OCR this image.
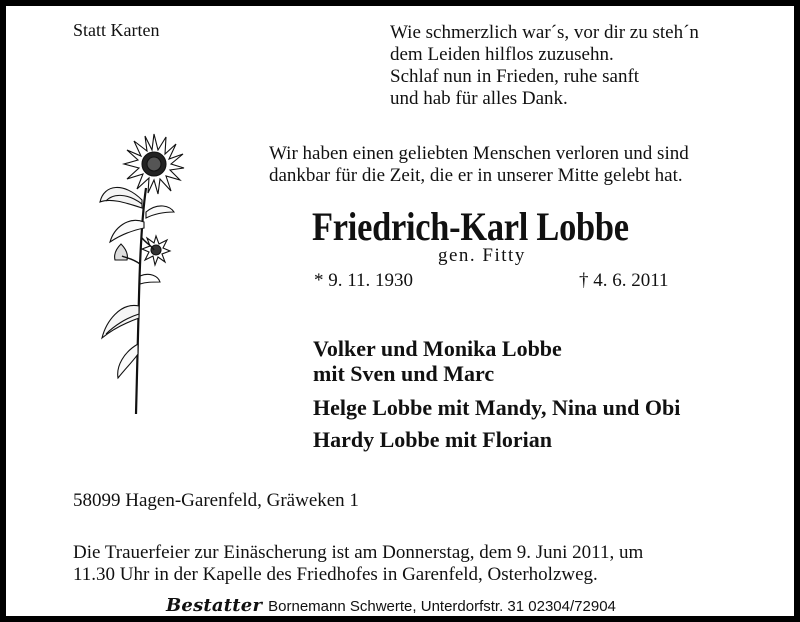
Statt Karten	Wie schmerzlich war´s, vor dir zu steh´n
dem Leiden hilflos zuzusehn.
Schlaf nun in Frieden, ruhe sanft
und hab für alles Dank.
Wir haben einen geliebten Menschen verloren und sind
dankbar für die Zeit, die er in unserer Mitte gelebt hat.
Friedrich-Karl Lobbe
gen. Fitty
* 9. 11. 1930	† 4. 6. 2011
Volker und Monika Lobbe
mit Sven und Marc
Helge Lobbe mit Mandy, Nina und Obi
Hardy Lobbe mit Florian
58099 Hagen-Garenfeld, Gräweken 1
Die Trauerfeier zur Einäscherung ist am Donnerstag, dem 9. Juni 2011, um
11.30 Uhr in der Kapelle des Friedhofes in Garenfeld, Osterholzweg.
Bestatter Bornemann Schwerte, Unterdorfstr. 31 02304/72904
